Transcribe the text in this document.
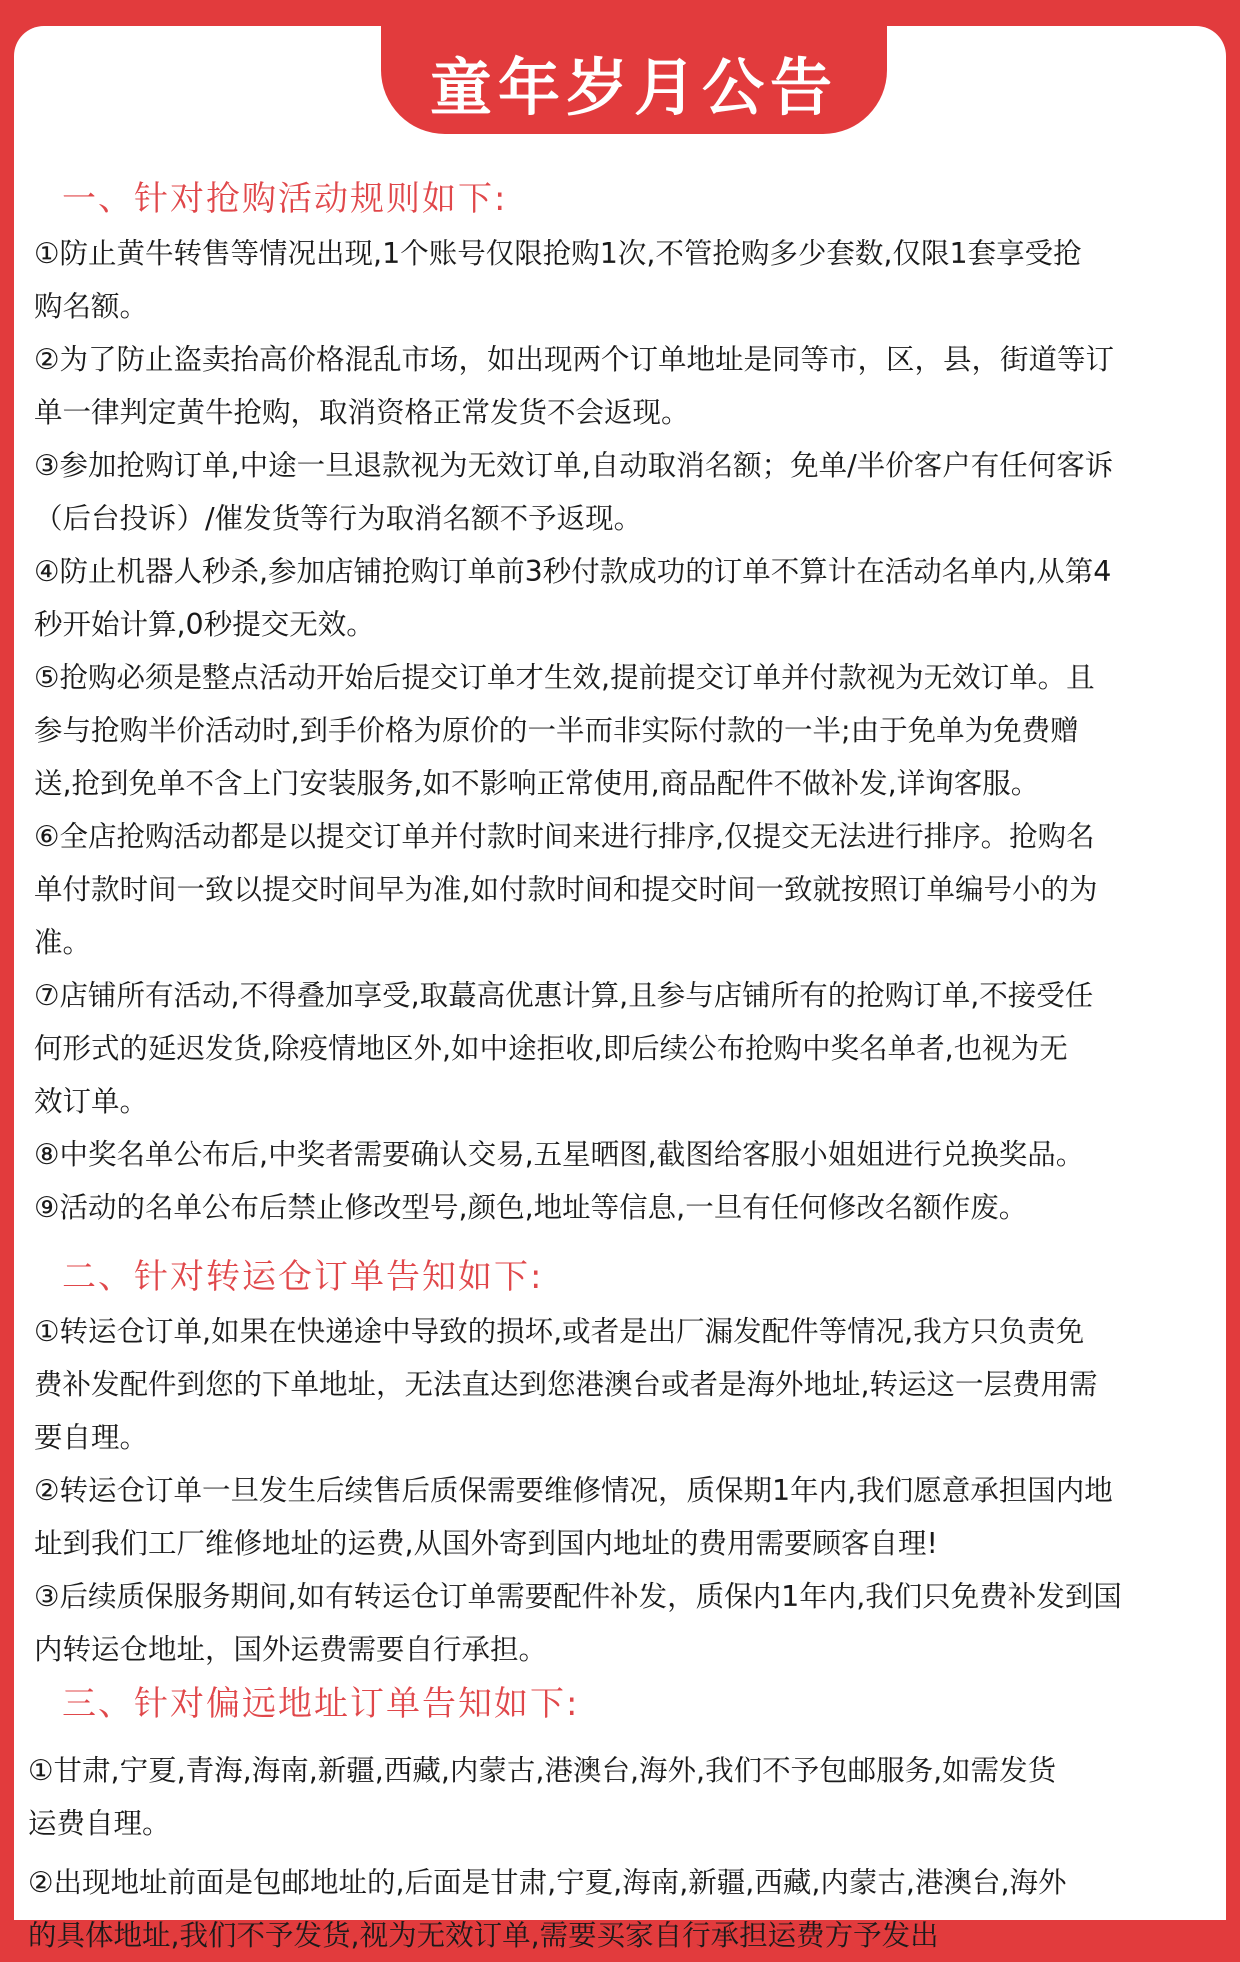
童年岁月公告
一、针对抢购活动规则如下:
①防止黄牛转售等情况出现,1个账号仅限抢购1次,不管抢购多少套数,仅限1套享受抢
购名额。
②为了防止盗卖抬高价格混乱市场，如出现两个订单地址是同等市，区，县，街道等订
单一律判定黄牛抢购，取消资格正常发货不会返现。
③参加抢购订单,中途一旦退款视为无效订单,自动取消名额；免单/半价客户有任何客诉
（后台投诉）/催发货等行为取消名额不予返现。
④防止机器人秒杀,参加店铺抢购订单前3秒付款成功的订单不算计在活动名单内,从第4
秒开始计算,0秒提交无效。
⑤抢购必须是整点活动开始后提交订单才生效,提前提交订单并付款视为无效订单。且
参与抢购半价活动时,到手价格为原价的一半而非实际付款的一半;由于免单为免费赠
送,抢到免单不含上门安装服务,如不影响正常使用,商品配件不做补发,详询客服。
⑥全店抢购活动都是以提交订单并付款时间来进行排序,仅提交无法进行排序。抢购名
单付款时间一致以提交时间早为准,如付款时间和提交时间一致就按照订单编号小的为
准。
⑦店铺所有活动,不得叠加享受,取蕞高优惠计算,且参与店铺所有的抢购订单,不接受任
何形式的延迟发货,除疫情地区外,如中途拒收,即后续公布抢购中奖名单者,也视为无
效订单。
⑧中奖名单公布后,中奖者需要确认交易,五星晒图,截图给客服小姐姐进行兑换奖品。
⑨活动的名单公布后禁止修改型号,颜色,地址等信息,一旦有任何修改名额作废。
二、针对转运仓订单告知如下:
①转运仓订单,如果在快递途中导致的损坏,或者是出厂漏发配件等情况,我方只负责免
费补发配件到您的下单地址，无法直达到您港澳台或者是海外地址,转运这一层费用需
要自理。
②转运仓订单一旦发生后续售后质保需要维修情况，质保期1年内,我们愿意承担国内地
址到我们工厂维修地址的运费,从国外寄到国内地址的费用需要顾客自理!
③后续质保服务期间,如有转运仓订单需要配件补发，质保内1年内,我们只免费补发到国
内转运仓地址，国外运费需要自行承担。
三、针对偏远地址订单告知如下:
①甘肃,宁夏,青海,海南,新疆,西藏,内蒙古,港澳台,海外,我们不予包邮服务,如需发货
运费自理。
②出现地址前面是包邮地址的,后面是甘肃,宁夏,海南,新疆,西藏,内蒙古,港澳台,海外
的具体地址,我们不予发货,视为无效订单,需要买家自行承担运费方予发出
